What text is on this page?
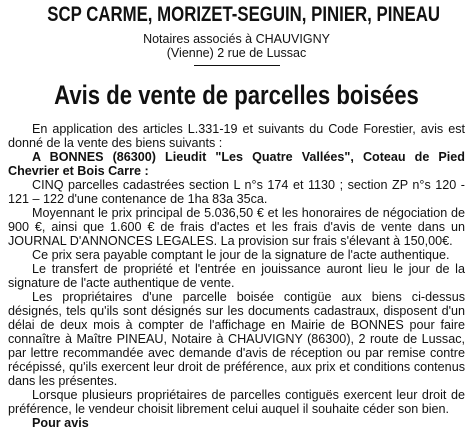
SCP CARME, MORIZET-SEGUIN, PINIER, PINEAU
Notaires associés à CHAUVIGNY
(Vienne) 2 rue de Lussac
Avis de vente de parcelles boisées

En application des articles L.331-19 et suivants du Code Forestier, avis est donné de la vente des biens suivants :

A BONNES (86300) Lieudit "Les Quatre Vallées", Coteau de Pied Chevrier et Bois Carre :

CINQ parcelles cadastrées section L n°s 174 et 1130 ; section ZP n°s 120 - 121 – 122 d'une contenance de 1ha 83a 35ca.

Moyennant le prix principal de 5.036,50 € et les honoraires de négociation de 900 €, ainsi que 1.600 € de frais d'actes et les frais d'avis de vente dans un JOURNAL D'ANNONCES LEGALES. La provision sur frais s'élevant à 150,00€.

Ce prix sera payable comptant le jour de la signature de l'acte authentique.

Le transfert de propriété et l'entrée en jouissance auront lieu le jour de la signature de l'acte authentique de vente.

Les propriétaires d'une parcelle boisée contigüe aux biens ci-dessus désignés, tels qu'ils sont désignés sur les documents cadastraux, disposent d'un délai de deux mois à compter de l'affichage en Mairie de BONNES pour faire connaître à Maître PINEAU, Notaire à CHAUVIGNY (86300), 2 route de Lussac, par lettre recommandée avec demande d'avis de réception ou par remise contre récépissé, qu'ils exercent leur droit de préférence, aux prix et conditions contenus dans les présentes.

Lorsque plusieurs propriétaires de parcelles contiguës exercent leur droit de préférence, le vendeur choisit librement celui auquel il souhaite céder son bien.

Pour avis
